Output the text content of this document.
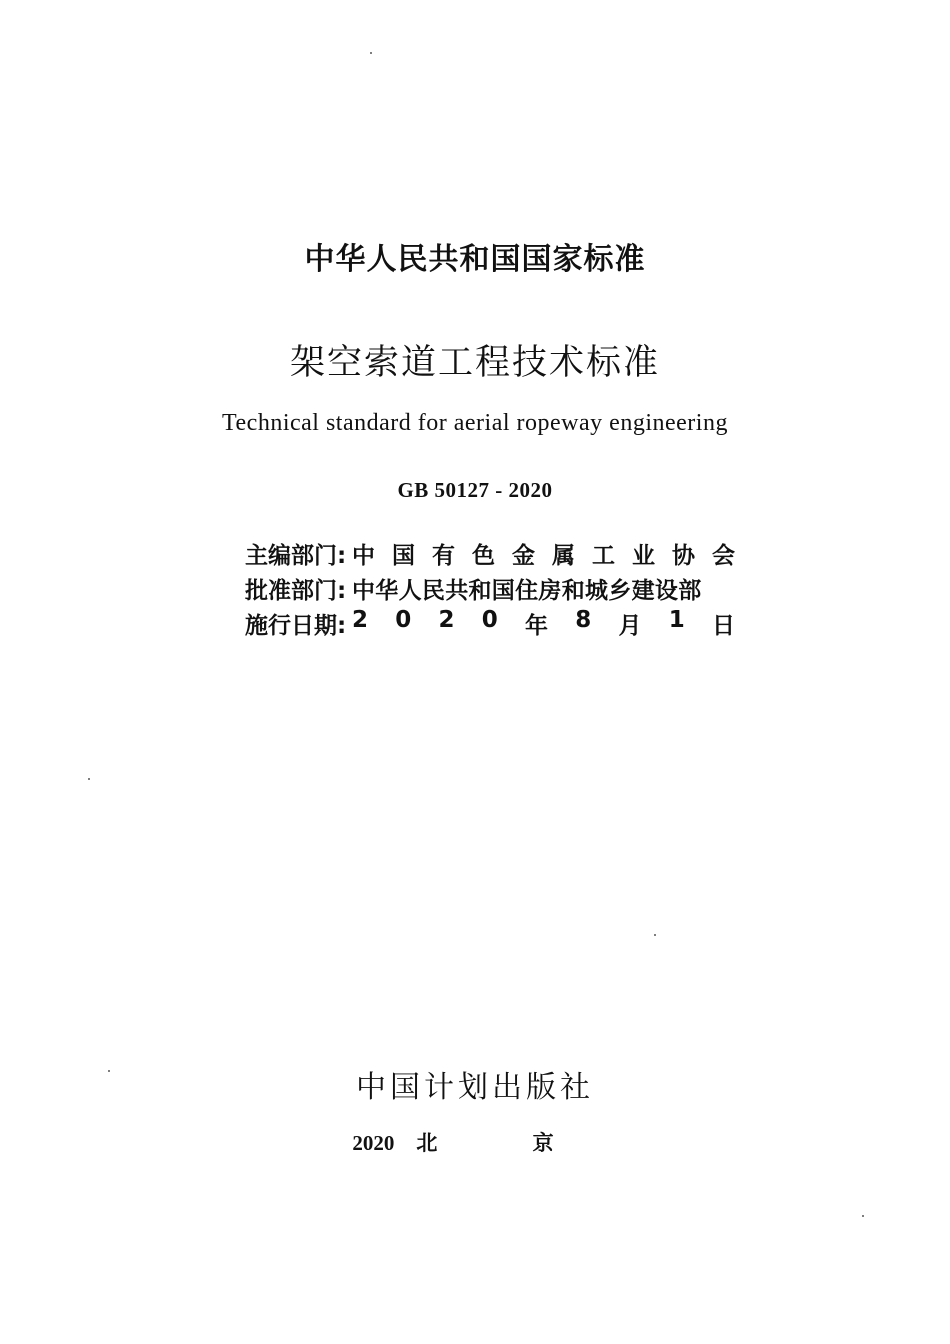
中华人民共和国国家标准
架空索道工程技术标准
Technical standard for aerial ropeway engineering
GB 50127 - 2020
主编部门: 中 国 有 色 金 属 工 业 协 会
批准部门: 中华人民共和国住房和城乡建设部
施行日期: 2 0 2 0 年 8 月 1 日
中国计划出版社
2020 北 京
